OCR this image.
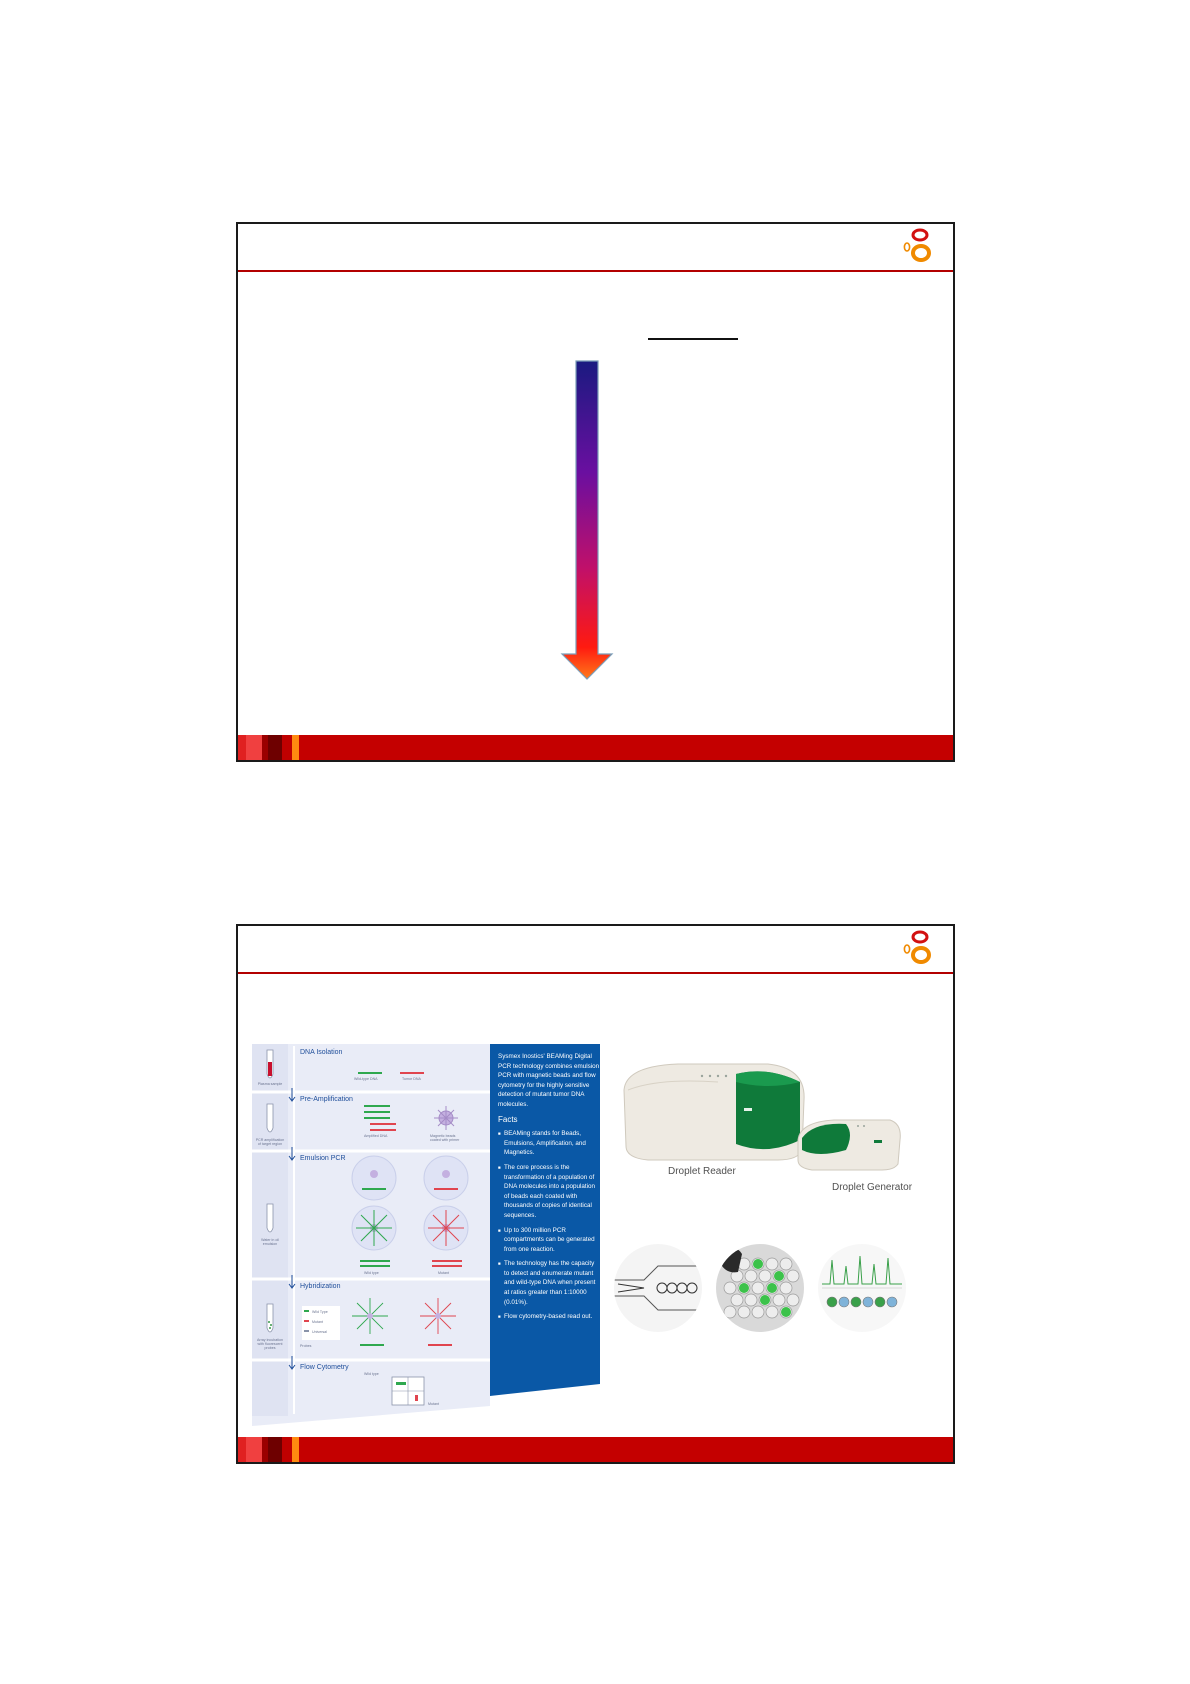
DNA Isolation
Pre-Amplification
Emulsion PCR
Hybridization
Flow Cytometry
Plasma sample
PCR amplification of target region
Water in oil emulsion
Array incubation with fluorescent probes
Wild-type DNA	Tumor DNA
Amplified DNA	Magnetic beads coated with primer
Wild type	Mutant
Wild Type
Mutant
Universal
Probes
Wild type
Mutant

Sysmex Inostics' BEAMing Digital PCR technology combines emulsion PCR with magnetic beads and flow cytometry for the highly sensitive detection of mutant tumor DNA molecules.

Facts

■ BEAMing stands for Beads, Emulsions, Amplification, and Magnetics.
■ The core process is the transformation of a population of DNA molecules into a population of beads each coated with thousands of copies of identical sequences.
■ Up to 300 million PCR compartments can be generated from one reaction.
■ The technology has the capacity to detect and enumerate mutant and wild-type DNA when present at ratios greater than 1:10000 (0.01%).
■ Flow cytometry-based read out.
Droplet Reader
Droplet Generator
